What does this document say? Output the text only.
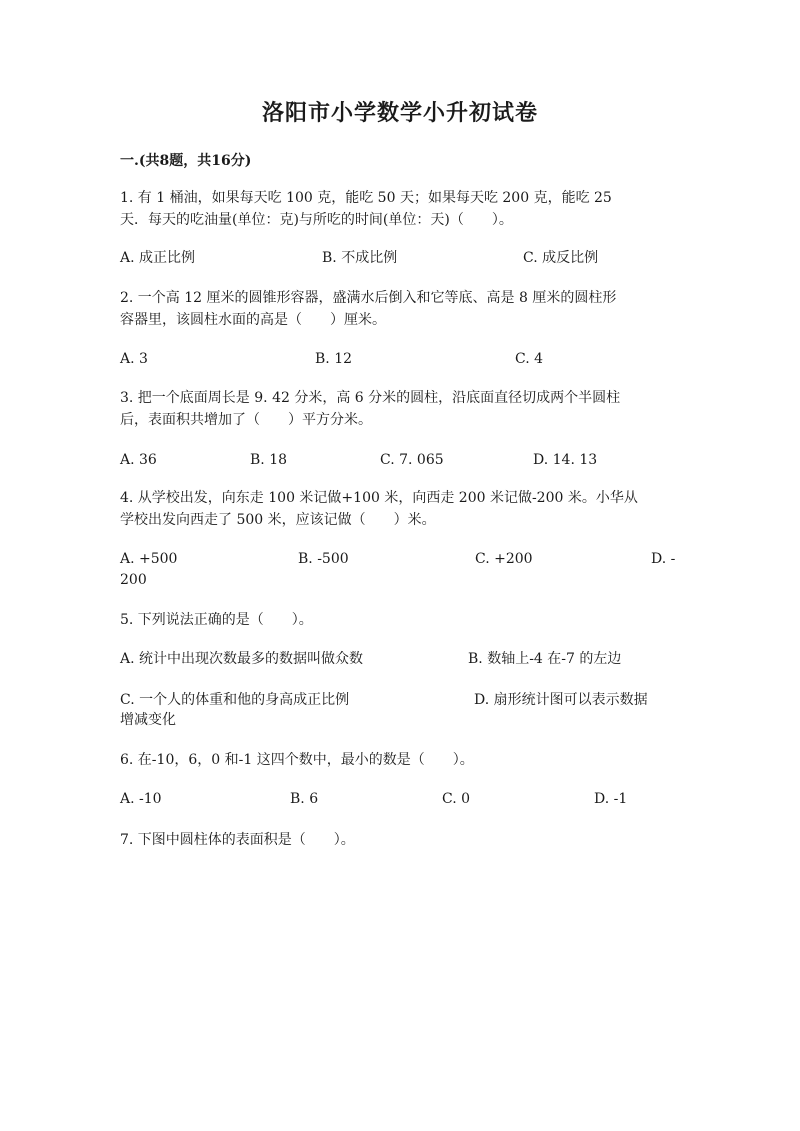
洛阳市小学数学小升初试卷
一.(共8题，共16分)
1. 有 1 桶油，如果每天吃 100 克，能吃 50 天；如果每天吃 200 克，能吃 25
天．每天的吃油量(单位：克)与所吃的时间(单位：天)（　　）。
A. 成正比例	B. 不成比例	C. 成反比例
2. 一个高 12 厘米的圆锥形容器，盛满水后倒入和它等底、高是 8 厘米的圆柱形
容器里，该圆柱水面的高是（　　）厘米。
A. 3	B. 12	C. 4
3. 把一个底面周长是 9. 42 分米，高 6 分米的圆柱，沿底面直径切成两个半圆柱
后，表面积共增加了（　　）平方分米。
A. 36	B. 18	C. 7. 065	D. 14. 13
4. 从学校出发，向东走 100 米记做+100 米，向西走 200 米记做-200 米。小华从
学校出发向西走了 500 米，应该记做（　　）米。
A. +500	B. -500	C. +200	D. -
200
5. 下列说法正确的是（　　）。
A. 统计中出现次数最多的数据叫做众数	B. 数轴上-4 在-7 的左边
C. 一个人的体重和他的身高成正比例	D. 扇形统计图可以表示数据
增减变化
6. 在-10，6，0 和-1 这四个数中，最小的数是（　　）。
A. -10	B. 6	C. 0	D. -1
7. 下图中圆柱体的表面积是（　　）。
